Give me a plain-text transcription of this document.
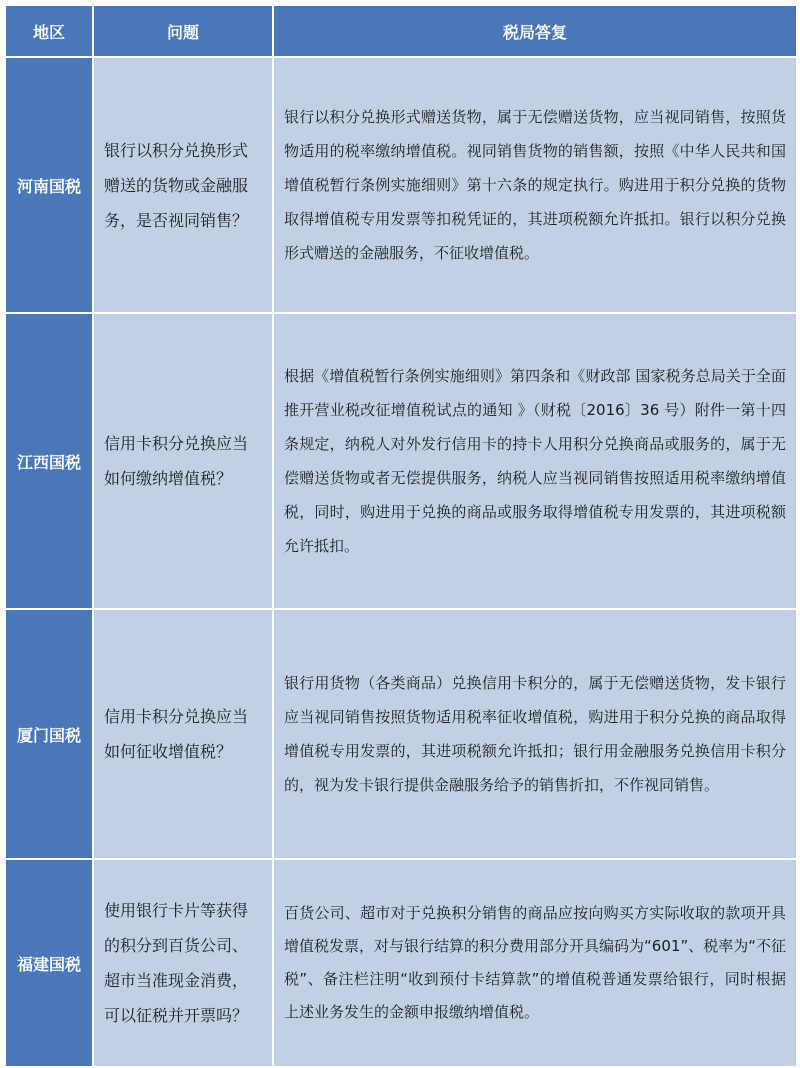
地区	问题	税局答复
河南国税	银行以积分兑换形式赠送的货物或金融服务，是否视同销售？	银行以积分兑换形式赠送货物，属于无偿赠送货物，应当视同销售，按照货物适用的税率缴纳增值税。视同销售货物的销售额，按照《中华人民共和国增值税暂行条例实施细则》第十六条的规定执行。购进用于积分兑换的货物取得增值税专用发票等扣税凭证的，其进项税额允许抵扣。银行以积分兑换形式赠送的金融服务，不征收增值税。
江西国税	信用卡积分兑换应当如何缴纳增值税？	根据《增值税暂行条例实施细则》第四条和《财政部 国家税务总局关于全面推开营业税改征增值税试点的通知 》（财税〔2016〕36 号）附件一第十四条规定，纳税人对外发行信用卡的持卡人用积分兑换商品或服务的，属于无偿赠送货物或者无偿提供服务，纳税人应当视同销售按照适用税率缴纳增值税，同时，购进用于兑换的商品或服务取得增值税专用发票的，其进项税额允许抵扣。
厦门国税	信用卡积分兑换应当如何征收增值税？	银行用货物（各类商品）兑换信用卡积分的，属于无偿赠送货物，发卡银行应当视同销售按照货物适用税率征收增值税，购进用于积分兑换的商品取得增值税专用发票的，其进项税额允许抵扣；银行用金融服务兑换信用卡积分的，视为发卡银行提供金融服务给予的销售折扣，不作视同销售。
福建国税	使用银行卡片等获得的积分到百货公司、超市当准现金消费，可以征税并开票吗？	百货公司、超市对于兑换积分销售的商品应按向购买方实际收取的款项开具增值税发票，对与银行结算的积分费用部分开具编码为“601”、税率为“不征税”、备注栏注明“收到预付卡结算款”的增值税普通发票给银行，同时根据上述业务发生的金额申报缴纳增值税。
